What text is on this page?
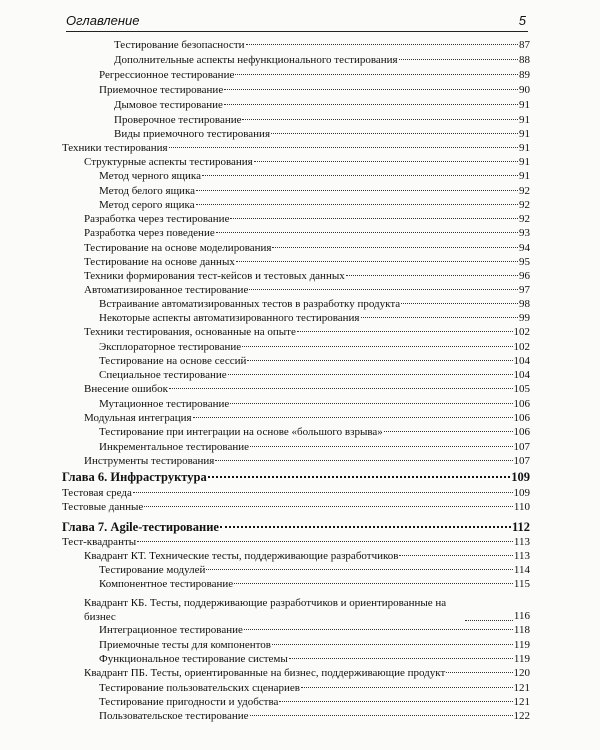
Оглавление	5
Тестирование безопасности	87
Дополнительные аспекты нефункционального тестирования	88
Регрессионное тестирование	89
Приемочное тестирование	90
Дымовое тестирование	91
Проверочное тестирование	91
Виды приемочного тестирования	91
Техники тестирования	91
Структурные аспекты тестирования	91
Метод черного ящика	91
Метод белого ящика	92
Метод серого ящика	92
Разработка через тестирование	92
Разработка через поведение	93
Тестирование на основе моделирования	94
Тестирование на основе данных	95
Техники формирования тест-кейсов и тестовых данных	96
Автоматизированное тестирование	97
Встраивание автоматизированных тестов в разработку продукта	98
Некоторые аспекты автоматизированного тестирования	99
Техники тестирования, основанные на опыте	102
Эксплораторное тестирование	102
Тестирование на основе сессий	104
Специальное тестирование	104
Внесение ошибок	105
Мутационное тестирование	106
Модульная интеграция	106
Тестирование при интеграции на основе «большого взрыва»	106
Инкрементальное тестирование	107
Инструменты тестирования	107
Глава 6. Инфраструктура	109
Тестовая среда	109
Тестовые данные	110
Глава 7. Agile-тестирование	112
Тест-квадранты	113
Квадрант КТ. Технические тесты, поддерживающие разработчиков	113
Тестирование модулей	114
Компонентное тестирование	115
Квадрант КБ. Тесты, поддерживающие разработчиков и ориентированные на бизнес	116
Интеграционное тестирование	118
Приемочные тесты для компонентов	119
Функциональное тестирование системы	119
Квадрант ПБ. Тесты, ориентированные на бизнес, поддерживающие продукт	120
Тестирование пользовательских сценариев	121
Тестирование пригодности и удобства	121
Пользовательское тестирование	122
